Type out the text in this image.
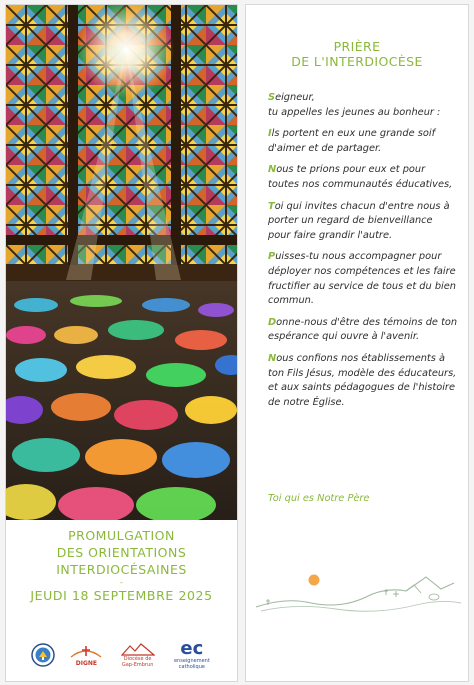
PROMULGATION
DES ORIENTATIONS
INTERDIOCÉSAINES
-
JEUDI 18 SEPTEMBRE 2025
DIGNE
Diocèse de Gap-Embrun
ec
enseignement catholique
PRIÈRE
DE L'INTERDIOCÈSE

Seigneur,
tu appelles les jeunes au bonheur :

Ils portent en eux une grande soif d'aimer et de partager.

Nous te prions pour eux et pour toutes nos communautés éducatives,

Toi qui invites chacun d'entre nous à porter un regard de bienveillance pour faire grandir l'autre.

Puisses-tu nous accompagner pour déployer nos compétences et les faire fructifier au service de tous et du bien commun.

Donne-nous d'être des témoins de ton espérance qui ouvre à l'avenir.

Nous confions nos établissements à ton Fils Jésus, modèle des éducateurs, et aux saints pédagogues de l'histoire de notre Église.

Toi qui es Notre Père
